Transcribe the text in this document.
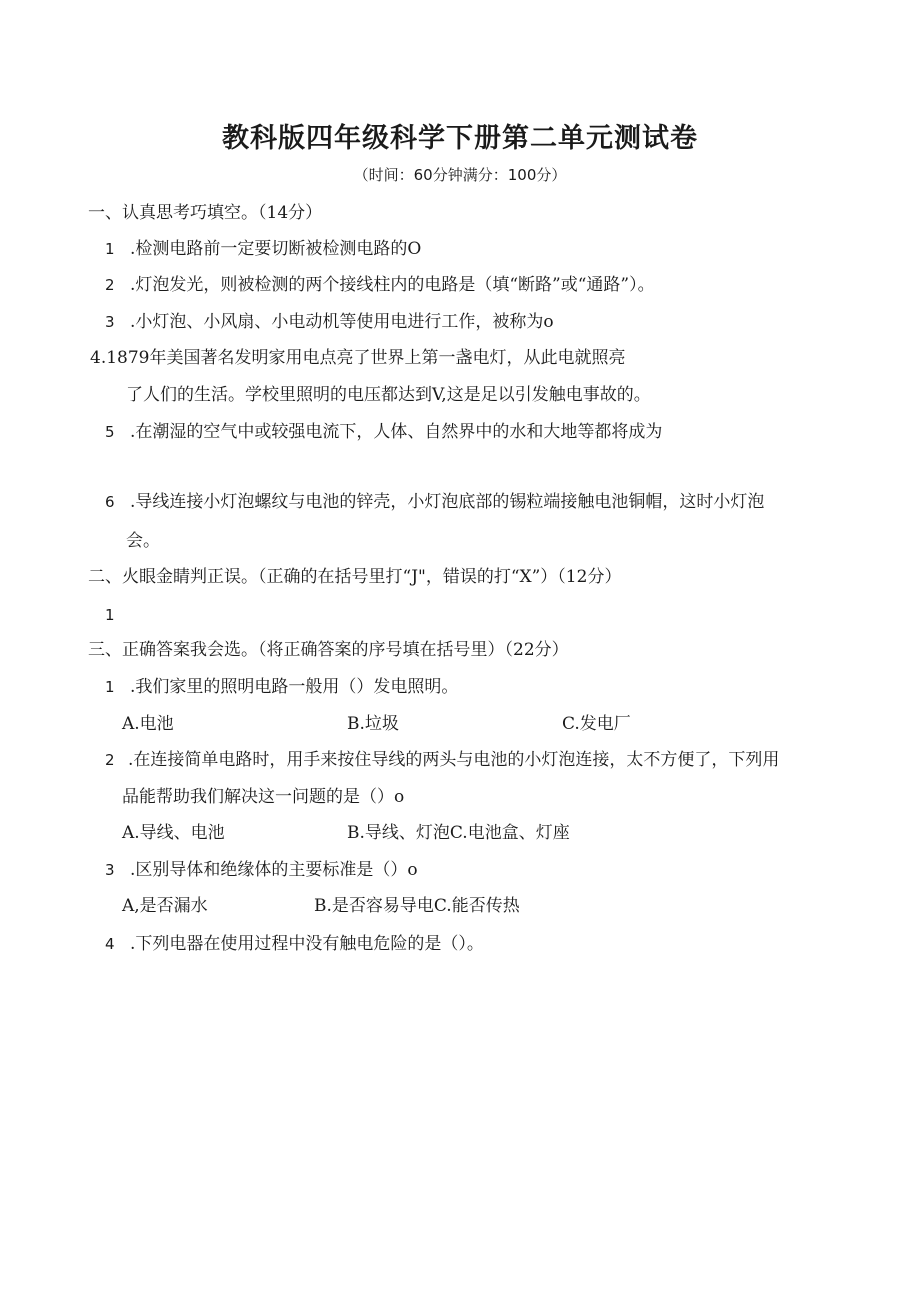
教科版四年级科学下册第二单元测试卷
（时间：60分钟满分：100分）
一、认真思考巧填空。（14分）
1 .检测电路前一定要切断被检测电路的O
2 .灯泡发光，则被检测的两个接线柱内的电路是（填“断路”或“通路”）。
3 .小灯泡、小风扇、小电动机等使用电进行工作，被称为o
4.1879年美国著名发明家用电点亮了世界上第一盏电灯，从此电就照亮
了人们的生活。学校里照明的电压都达到V,这是足以引发触电事故的。
5 .在潮湿的空气中或较强电流下，人体、自然界中的水和大地等都将成为
6 .导线连接小灯泡螺纹与电池的锌壳，小灯泡底部的锡粒端接触电池铜帽，这时小灯泡
会。
二、火眼金睛判正误。（正确的在括号里打“J"，错误的打“X”）（12分）
1
三、正确答案我会选。（将正确答案的序号填在括号里）（22分）
1 .我们家里的照明电路一般用（）发电照明。
A.电池	B.垃圾	C.发电厂
2 .在连接简单电路时，用手来按住导线的两头与电池的小灯泡连接，太不方便了，下列用
品能帮助我们解决这一问题的是（）o
A.导线、电池	B.导线、灯泡C.电池盒、灯座
3 .区别导体和绝缘体的主要标准是（）o
A,是否漏水	B.是否容易导电C.能否传热
4 .下列电器在使用过程中没有触电危险的是（）。
